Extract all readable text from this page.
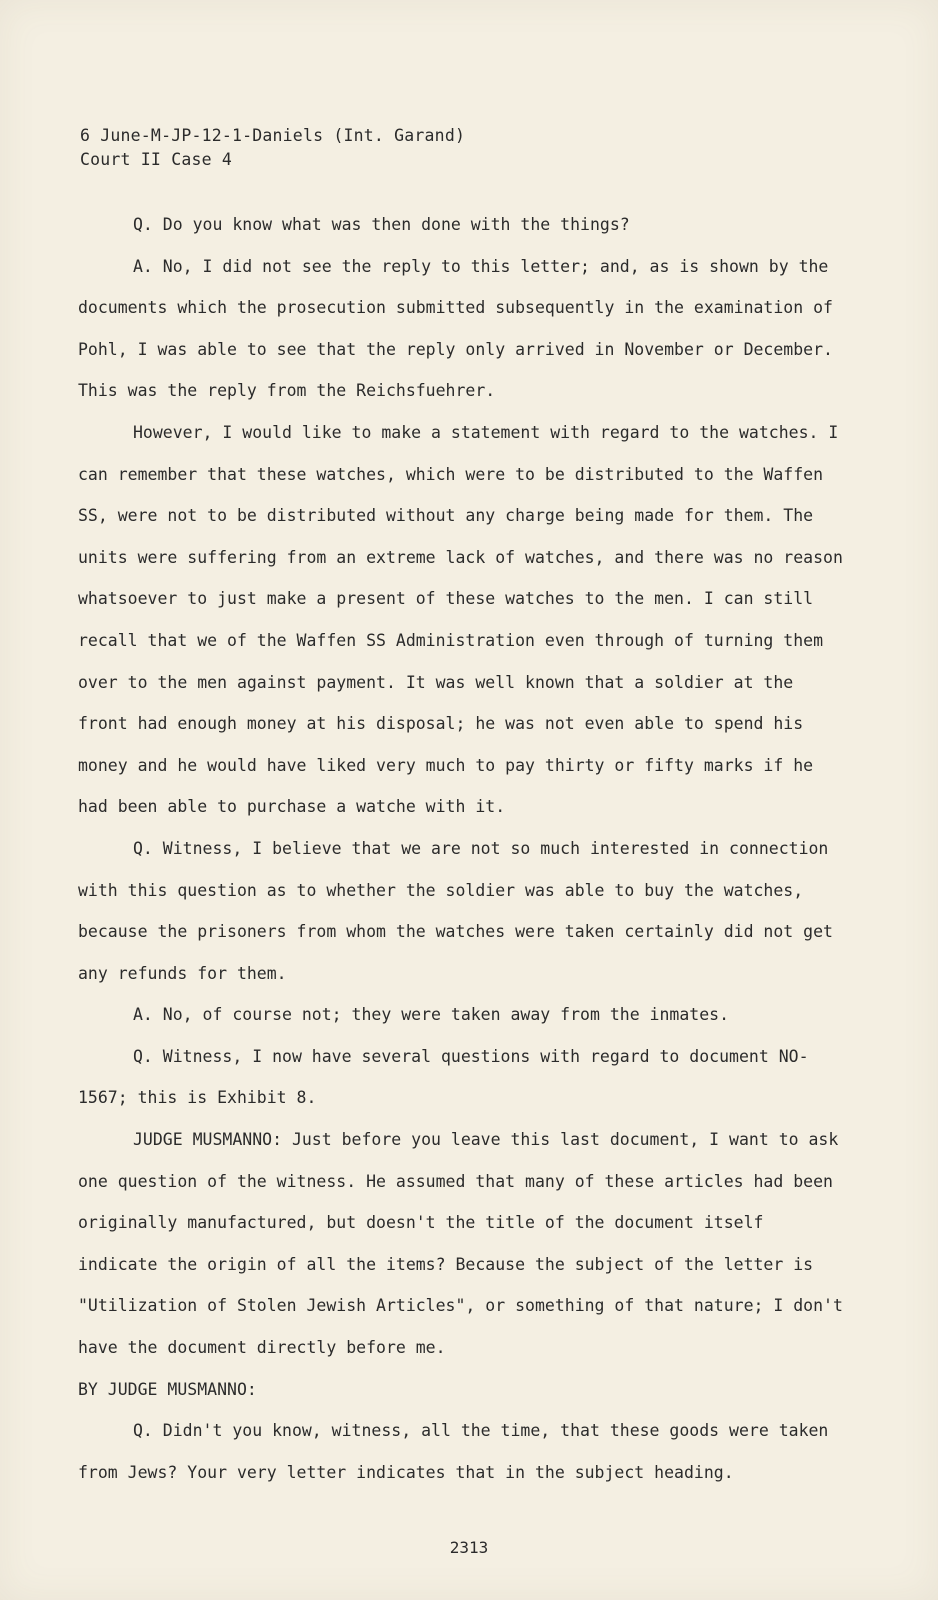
6 June-M-JP-12-1-Daniels (Int. Garand)
Court II Case 4

Q. Do you know what was then done with the things?

A. No, I did not see the reply to this letter; and, as is shown by the documents which the prosecution submitted subsequently in the examination of Pohl, I was able to see that the reply only arrived in November or December. This was the reply from the Reichsfuehrer.

However, I would like to make a statement with regard to the watches. I can remember that these watches, which were to be distributed to the Waffen SS, were not to be distributed without any charge being made for them. The units were suffering from an extreme lack of watches, and there was no reason whatsoever to just make a present of these watches to the men. I can still recall that we of the Waffen SS Administration even through of turning them over to the men against payment. It was well known that a soldier at the front had enough money at his disposal; he was not even able to spend his money and he would have liked very much to pay thirty or fifty marks if he had been able to purchase a watche with it.

Q. Witness, I believe that we are not so much interested in connection with this question as to whether the soldier was able to buy the watches, because the prisoners from whom the watches were taken certainly did not get any refunds for them.

A. No, of course not; they were taken away from the inmates.

Q. Witness, I now have several questions with regard to document NO-1567; this is Exhibit 8.

JUDGE MUSMANNO: Just before you leave this last document, I want to ask one question of the witness. He assumed that many of these articles had been originally manufactured, but doesn't the title of the document itself indicate the origin of all the items? Because the subject of the letter is "Utilization of Stolen Jewish Articles", or something of that nature; I don't have the document directly before me.

BY JUDGE MUSMANNO:

Q. Didn't you know, witness, all the time, that these goods were taken from Jews? Your very letter indicates that in the subject heading.

2313
